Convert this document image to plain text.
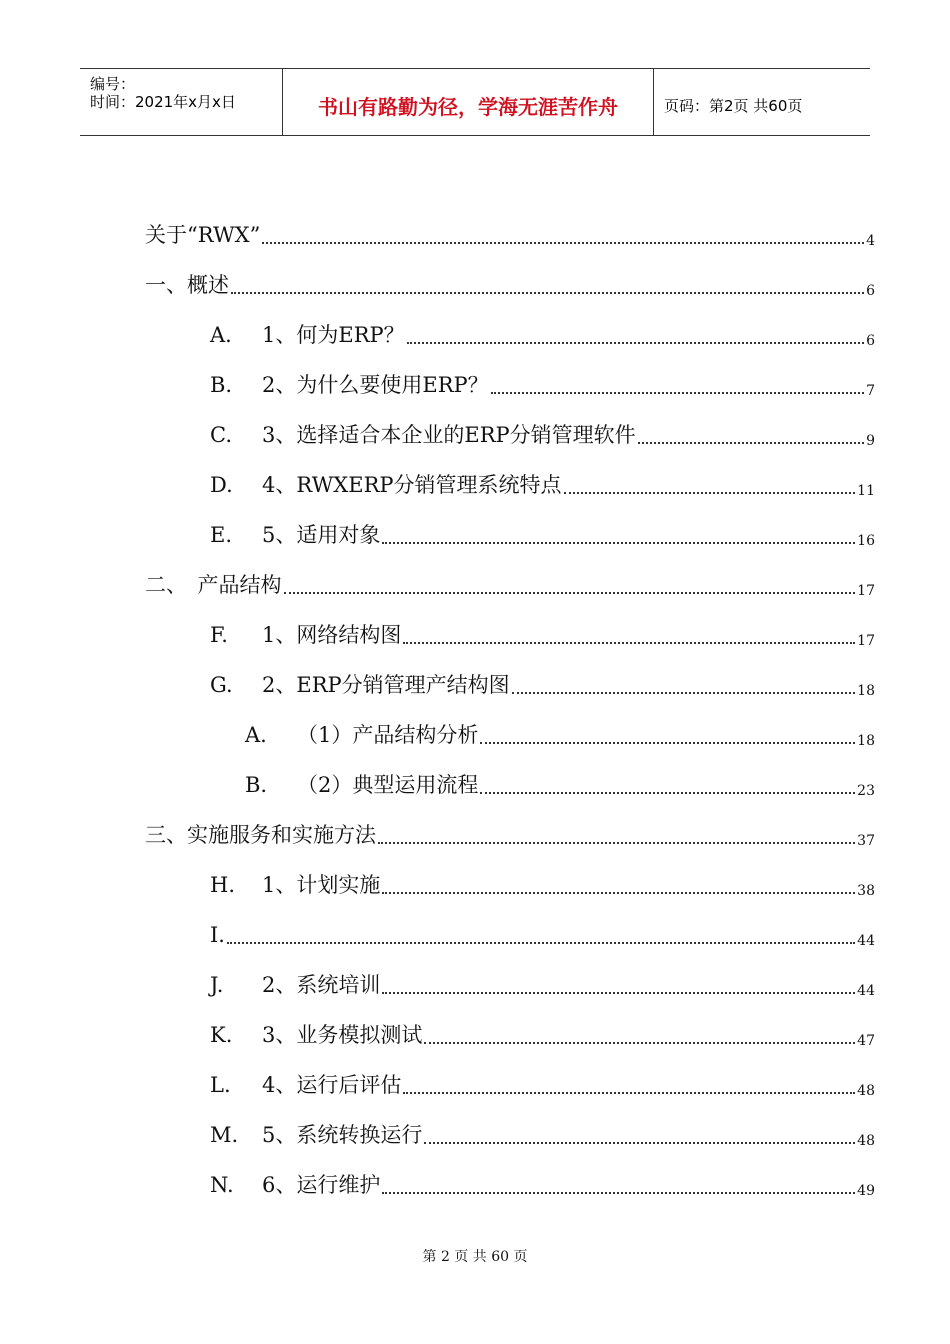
编号：
时间：2021年x月x日	书山有路勤为径，学海无涯苦作舟	页码：第2页 共60页
关于“RWX”	4
一、概述	6
A. 1、何为ERP？	6
B. 2、为什么要使用ERP？	7
C. 3、选择适合本企业的ERP分销管理软件	9
D. 4、RWXERP分销管理系统特点	11
E. 5、适用对象	16
二、　产品结构	17
F. 1、网络结构图	17
G. 2、ERP分销管理产结构图	18
A. （1）产品结构分析	18
B. （2）典型运用流程	23
三、实施服务和实施方法	37
H. 1、计划实施	38
I.	44
J. 2、系统培训	44
K. 3、业务模拟测试	47
L. 4、运行后评估	48
M. 5、系统转换运行	48
N. 6、运行维护	49
第 2 页 共 60 页
